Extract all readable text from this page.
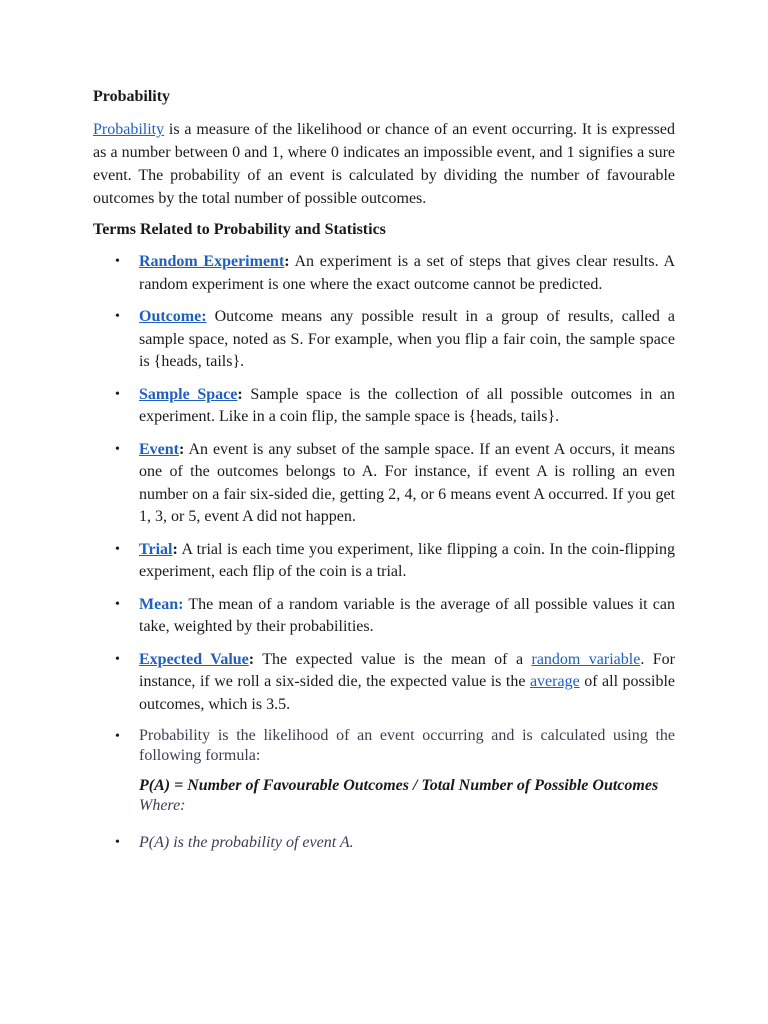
Probability

Probability is a measure of the likelihood or chance of an event occurring. It is expressed as a number between 0 and 1, where 0 indicates an impossible event, and 1 signifies a sure event. The probability of an event is calculated by dividing the number of favourable outcomes by the total number of possible outcomes.

Terms Related to Probability and Statistics

• Random Experiment: An experiment is a set of steps that gives clear results. A random experiment is one where the exact outcome cannot be predicted.
• Outcome: Outcome means any possible result in a group of results, called a sample space, noted as S. For example, when you flip a fair coin, the sample space is {heads, tails}.
• Sample Space: Sample space is the collection of all possible outcomes in an experiment. Like in a coin flip, the sample space is {heads, tails}.
• Event: An event is any subset of the sample space. If an event A occurs, it means one of the outcomes belongs to A. For instance, if event A is rolling an even number on a fair six-sided die, getting 2, 4, or 6 means event A occurred. If you get 1, 3, or 5, event A did not happen.
• Trial: A trial is each time you experiment, like flipping a coin. In the coin-flipping experiment, each flip of the coin is a trial.
• Mean: The mean of a random variable is the average of all possible values it can take, weighted by their probabilities.
• Expected Value: The expected value is the mean of a random variable. For instance, if we roll a six-sided die, the expected value is the average of all possible outcomes, which is 3.5.
• Probability is the likelihood of an event occurring and is calculated using the following formula:

P(A) = Number of Favourable Outcomes / Total Number of Possible Outcomes

Where:

• P(A) is the probability of event A.
